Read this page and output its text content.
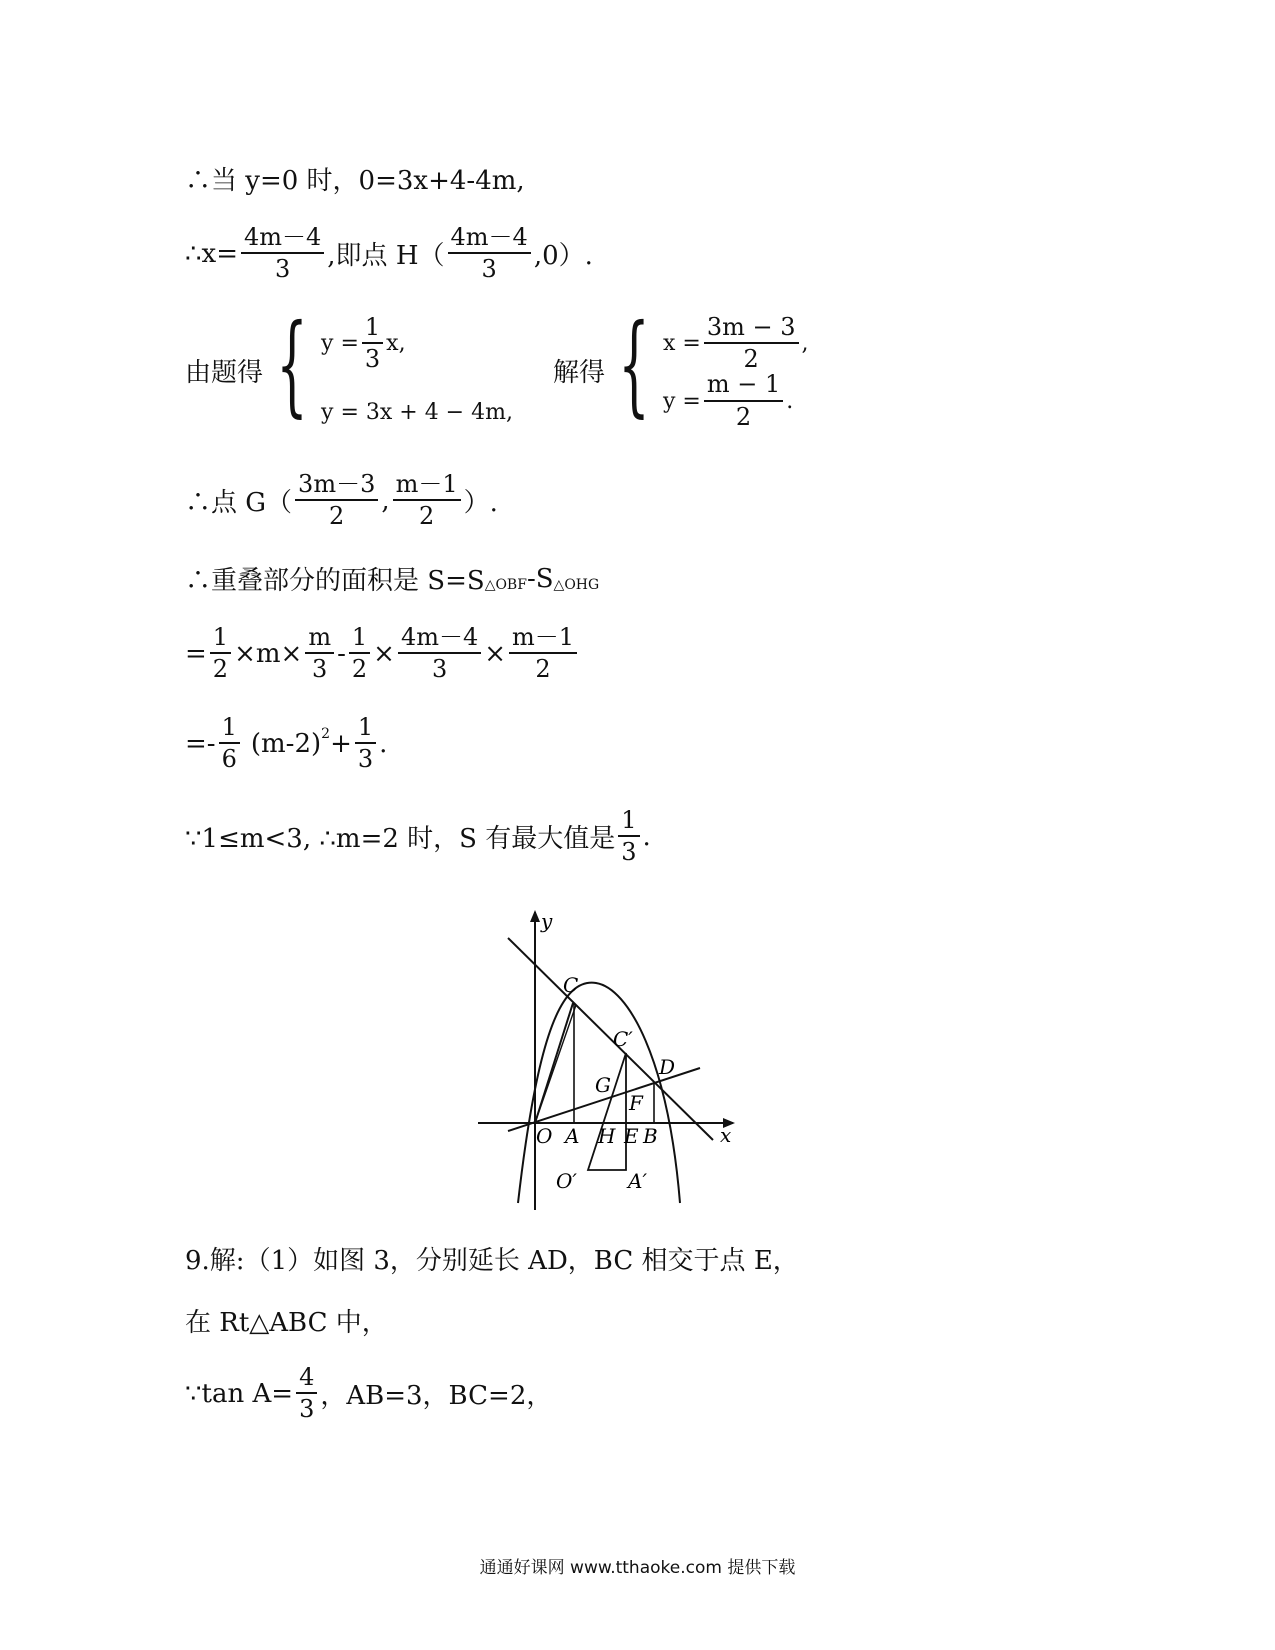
∴当 y=0 时，0=3x+4-4m,
∴x= $\frac{4m-4}{3}$ ,即点 $H( \frac{4m-4}{3} ,0)$.
由题得 { $y = \frac{1}{3} x$,
y = 3x + 4 − 4m,
解得 { $x = \frac{3m - 3}{2}$ ,
$y = \frac{m - 1}{2}$ .
∴点 $G( \frac{3m-3}{2}$ , $\frac{m-1}{2}$ ）.
∴重叠部分的面积是 S=S △OBF -S △OHG
= $\frac{1}{2} \times m\times \frac{m}{3} - \frac{1}{2} \times \frac{4m-4}{3} \times \frac{m-1}{2}$
=- $\frac{1}{6} (m-2) 2 + \frac{1}{3}$ .
∵1≤m<3, ∴m=2 时，S 有最大值是 $\frac{1}{3}$ .
y
x
O A H E B
C
C′
G
F
D
O′	A′
9.解:（1）如图 3，分别延长 AD，BC 相交于点 E，
在 Rt△ABC 中，
∵tan $A= \frac{4}{3}$ ，AB=3，BC=2，
通通好课网 www.tthaoke.com 提供下载
